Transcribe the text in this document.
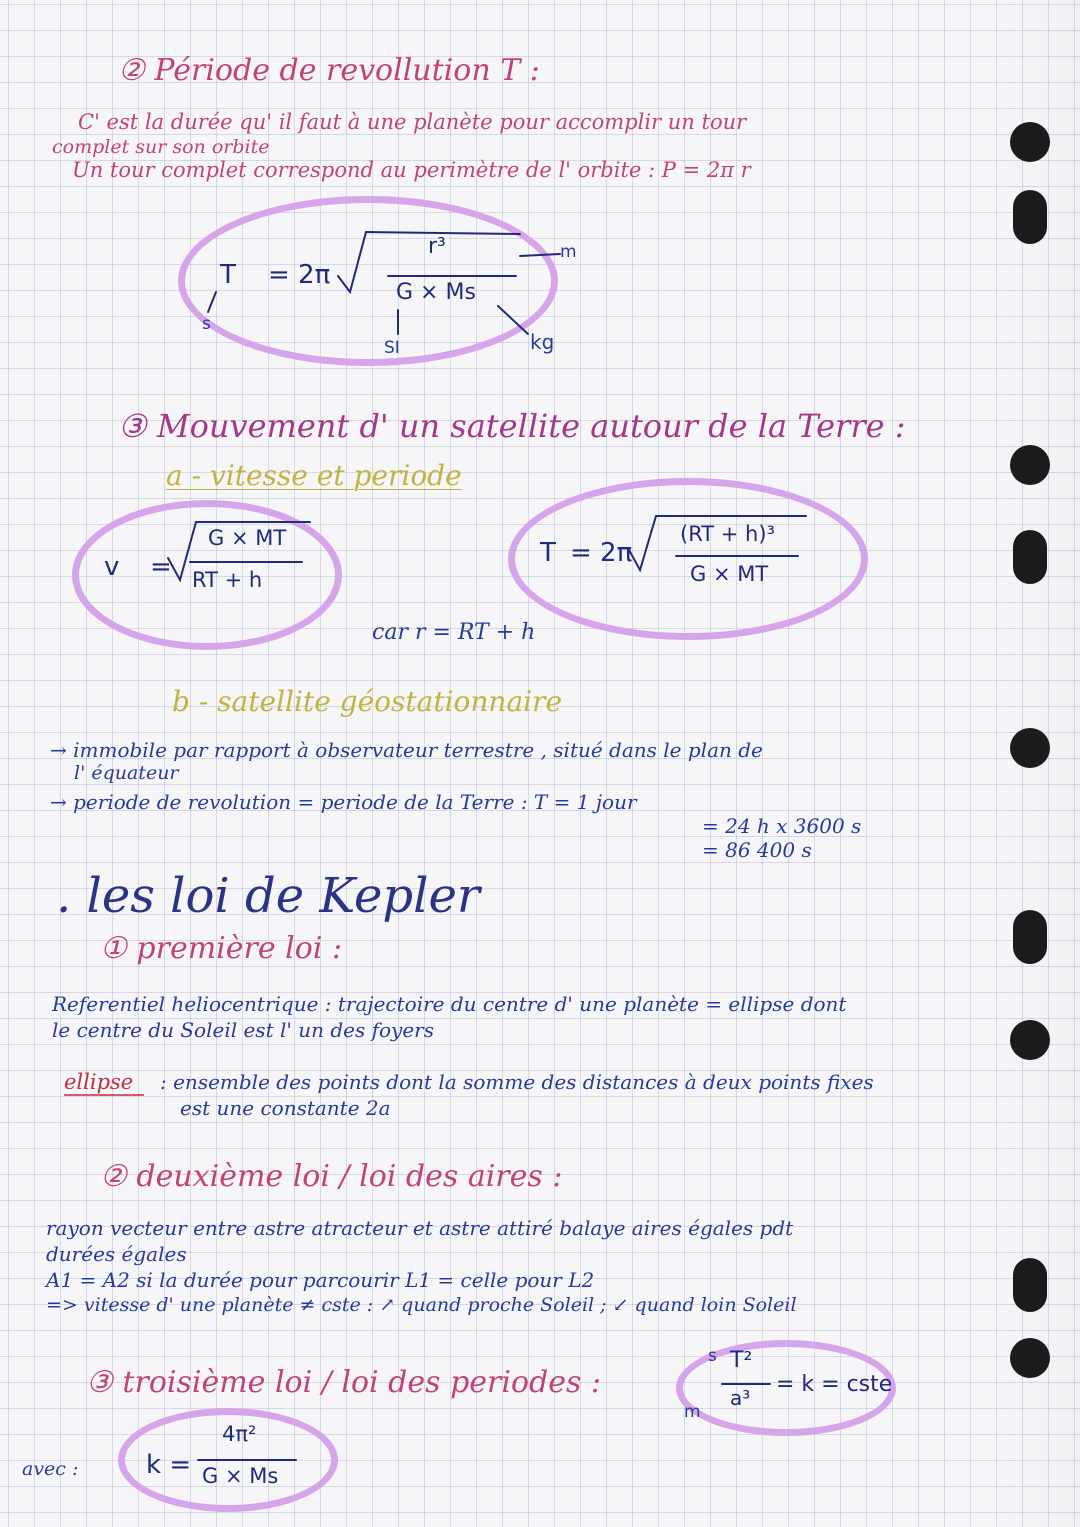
② Période de revollution T :
C' est la durée qu' il faut à une planète pour accomplir un tour
complet sur son orbite
Un tour complet correspond au perimètre de l' orbite : P = 2π r
T = 2π
r³
G × Ms
s
m
SI	kg
③ Mouvement d' un satellite autour de la Terre :
a - vitesse et periode
v =
G × MT
RT + h
T = 2π
(RT + h)³
G × MT
car r = RT + h
b - satellite géostationnaire
→ immobile par rapport à observateur terrestre , situé dans le plan de
l' équateur
→ periode de revolution = periode de la Terre : T = 1 jour
= 24 h x 3600 s
= 86 400 s
. les loi de Kepler
① première loi :
Referentiel heliocentrique : trajectoire du centre d' une planète = ellipse dont
le centre du Soleil est l' un des foyers
ellipse : ensemble des points dont la somme des distances à deux points fixes
est une constante 2a
② deuxième loi / loi des aires :
rayon vecteur entre astre atracteur et astre attiré balaye aires égales pdt
durées égales
A1 = A2 si la durée pour parcourir L1 = celle pour L2
=> vitesse d' une planète ≠ cste : ↗ quand proche Soleil ; ↙ quand loin Soleil
③ troisième loi / loi des periodes :
T²
a³
= k = cste
s
m
avec :	k =
4π²
G × Ms
